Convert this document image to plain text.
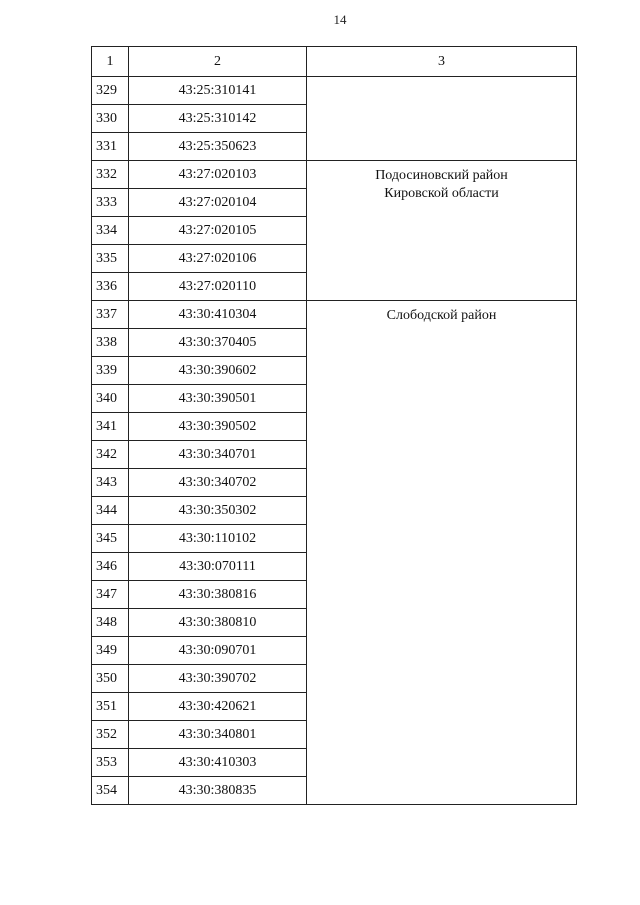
14
1	2	3
329	43:25:310141	
330	43:25:310142	
331	43:25:350623	
332	43:27:020103	Подосиновский район
Кировской области

333	43:27:020104	
334	43:27:020105	
335	43:27:020106	
336	43:27:020110	
337	43:30:410304	Слободской район

338	43:30:370405	
339	43:30:390602	
340	43:30:390501	
341	43:30:390502	
342	43:30:340701	
343	43:30:340702	
344	43:30:350302	
345	43:30:110102	
346	43:30:070111	
347	43:30:380816	
348	43:30:380810	
349	43:30:090701	
350	43:30:390702	
351	43:30:420621	
352	43:30:340801	
353	43:30:410303	
354	43:30:380835	
